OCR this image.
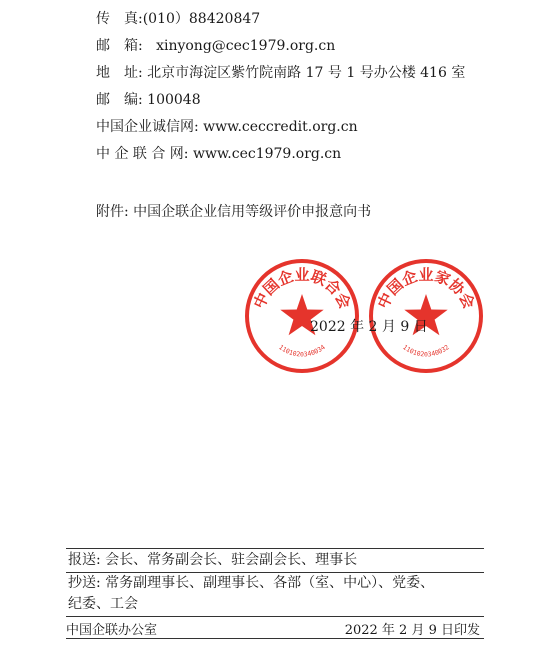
传　真:(010）88420847
邮　箱: xinyong@cec1979.org.cn
地　址: 北京市海淀区紫竹院南路 17 号 1 号办公楼 416 室
邮　编: 100048
中国企业诚信网: www.ceccredit.org.cn
中 企 联 合 网: www.cec1979.org.cn
附件: 中国企联企业信用等级评价申报意向书
中国企业联合会
1101020340034
中国企业家协会
1101020340032
2022 年 2 月 9 日
报送: 会长、常务副会长、驻会副会长、理事长
抄送: 常务副理事长、副理事长、各部（室、中心）、党委、
纪委、工会
中国企联办公室	2022 年 2 月 9 日印发
